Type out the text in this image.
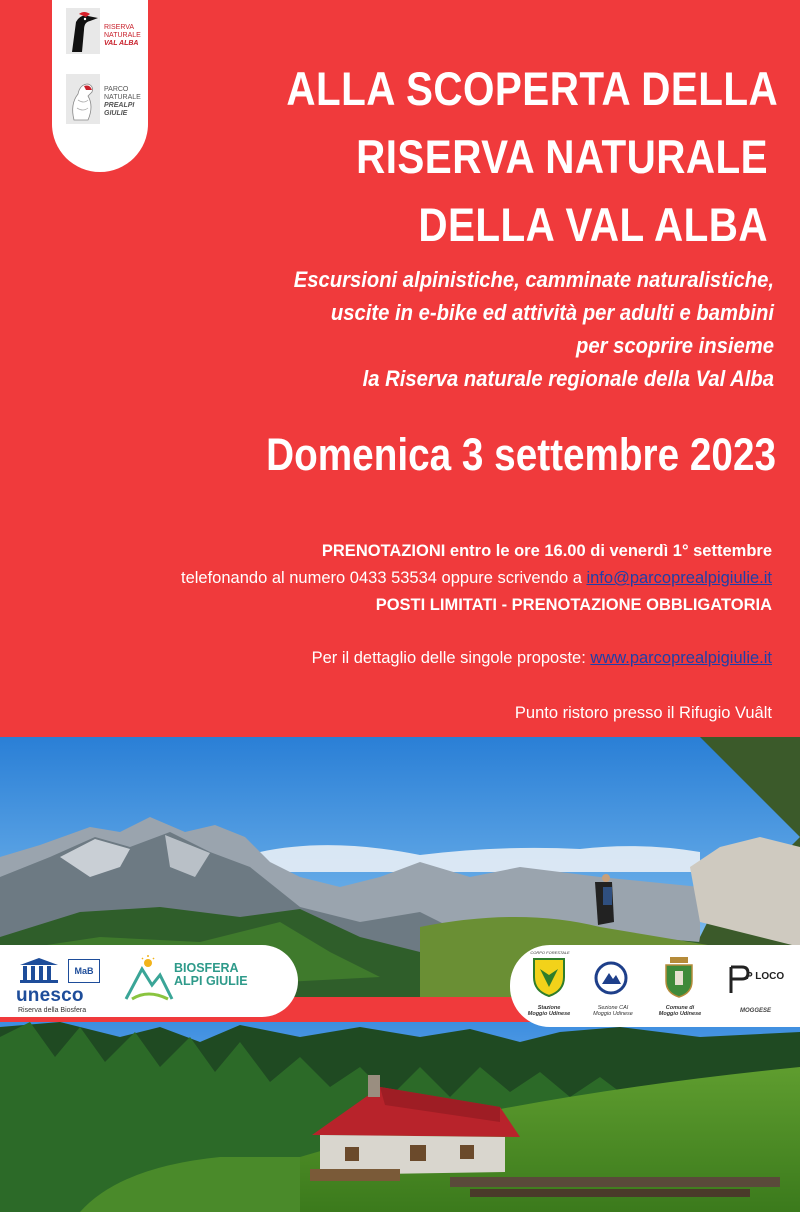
RISERVA
NATURALE
VAL ALBA
PARCO
NATURALE
PREALPI
GIULIE	ALLA SCOPERTA DELLA
RISERVA NATURALE
DELLA VAL ALBA
Escursioni alpinistiche, camminate naturalistiche,
uscite in e-bike ed attività per adulti e bambini
per scoprire insieme
la Riserva naturale regionale della Val Alba
Domenica 3 settembre 2023
PRENOTAZIONI entro le ore 16.00 di venerdì 1° settembre
telefonando al numero 0433 53534 oppure scrivendo a info@parcoprealpigiulie.it
POSTI LIMITATI - PRENOTAZIONE OBBLIGATORIA
Per il dettaglio delle singole proposte: www.parcoprealpigiulie.it
Punto ristoro presso il Rifugio Vuâlt
MaB
unesco
Riserva della Biosfera
BIOSFERA
ALPI GIULIE
CORPO FORESTALE
Stazione
Moggio Udinese
Sezione CAI
Moggio Udinese
Comune di
Moggio Udinese
P LOCO
MOGGESE
